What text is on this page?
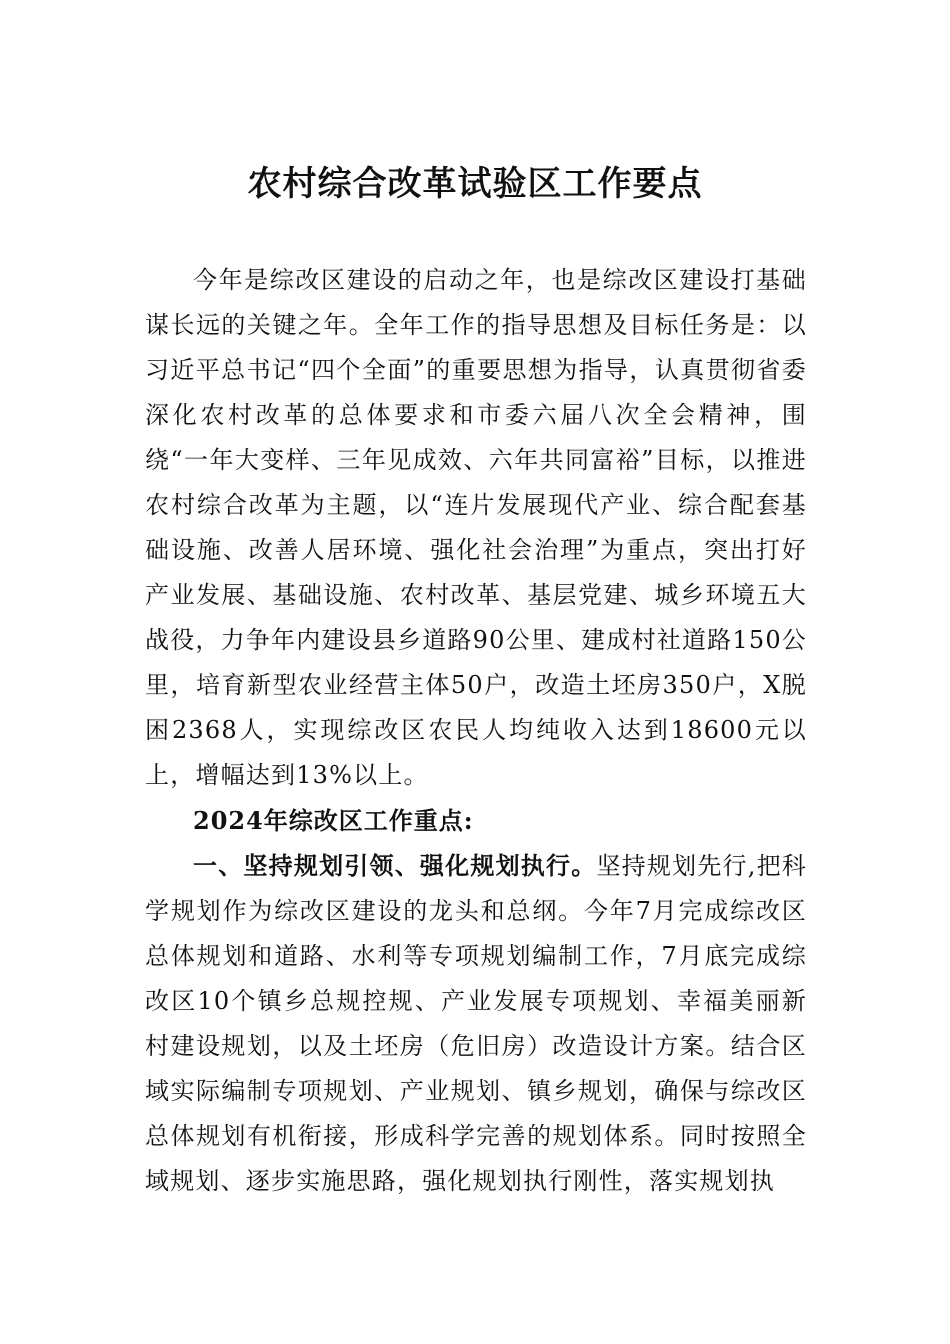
农村综合改革试验区工作要点

今年是综改区建设的启动之年，也是综改区建设打基础谋长远的关键之年。全年工作的指导思想及目标任务是：以习近平总书记“四个全面”的重要思想为指导，认真贯彻省委深化农村改革的总体要求和市委六届八次全会精神，围绕“一年大变样、三年见成效、六年共同富裕”目标，以推进农村综合改革为主题，以“连片发展现代产业、综合配套基础设施、改善人居环境、强化社会治理”为重点，突出打好产业发展、基础设施、农村改革、基层党建、城乡环境五大战役，力争年内建设县乡道路90公里、建成村社道路150公里，培育新型农业经营主体50户，改造土坯房350户，X脱困2368人，实现综改区农民人均纯收入达到18600元以上，增幅达到13%以上。

2024年综改区工作重点:

一、坚持规划引领、强化规划执行。坚持规划先行,把科学规划作为综改区建设的龙头和总纲。今年7月完成综改区总体规划和道路、水利等专项规划编制工作，7月底完成综改区10个镇乡总规控规、产业发展专项规划、幸福美丽新村建设规划，以及土坯房（危旧房）改造设计方案。结合区域实际编制专项规划、产业规划、镇乡规划，确保与综改区总体规划有机衔接，形成科学完善的规划体系。同时按照全域规划、逐步实施思路，强化规划执行刚性，落实规划执
